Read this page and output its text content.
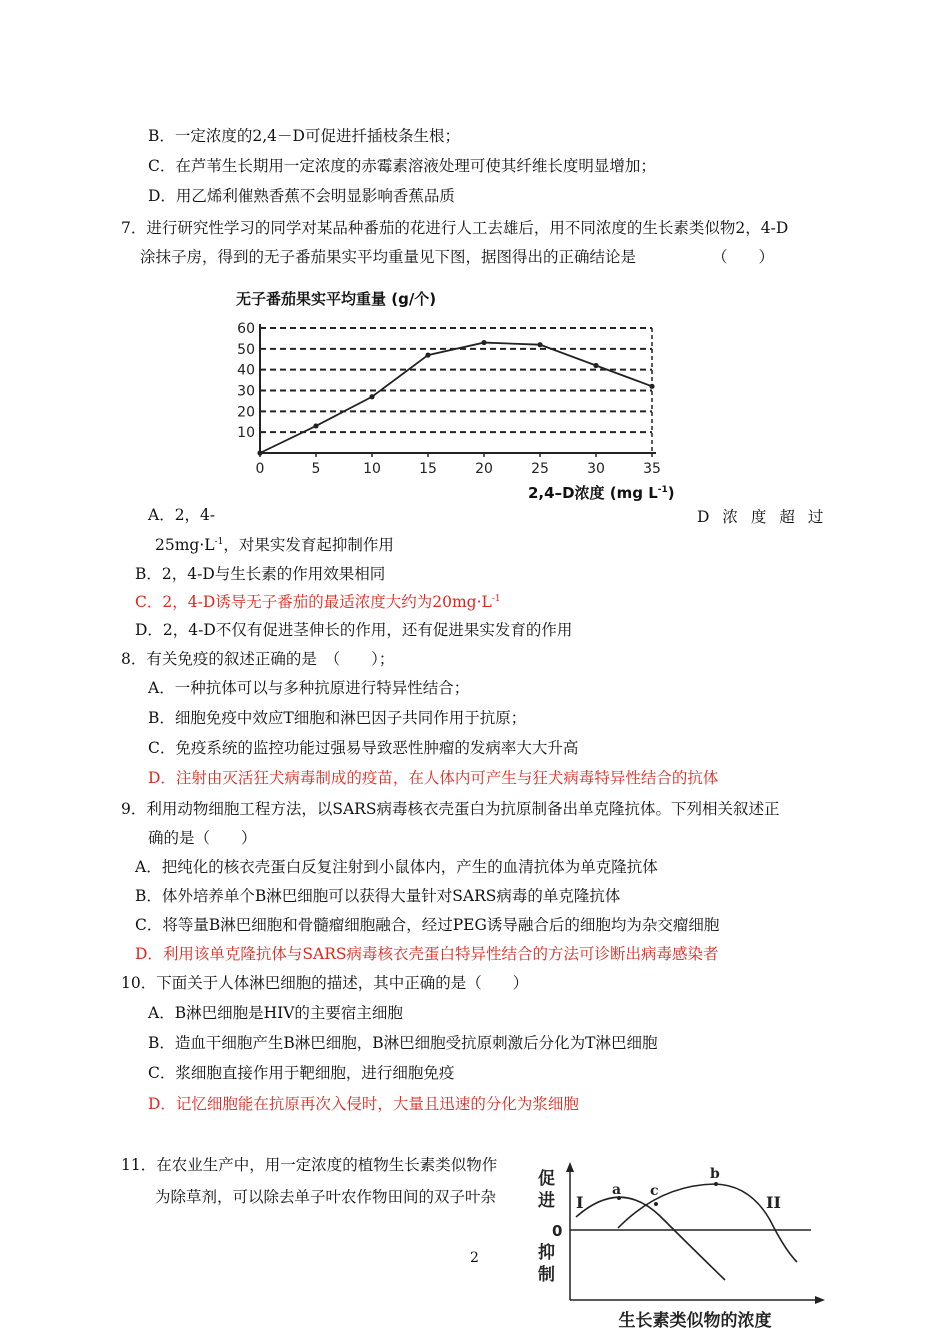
B．一定浓度的2,4－D可促进扦插枝条生根；
C．在芦苇生长期用一定浓度的赤霉素溶液处理可使其纤维长度明显增加；
D．用乙烯利催熟香蕉不会明显影响香蕉品质
7．进行研究性学习的同学对某品种番茄的花进行人工去雄后，用不同浓度的生长素类似物2，4-D
涂抹子房，得到的无子番茄果实平均重量见下图，据图得出的正确结论是	（　　）
无子番茄果实平均重量 (g/个)
10
20
30
40
50
60
0	5	10	15	20	25	30	35
2,4–D浓度 (mg $L^{-1}$)
A．2，4-	D浓度超过
$25mg\cdot L^{-1}$，对果实发育起抑制作用
B．2，4-D与生长素的作用效果相同
C．2，4-D诱导无子番茄的最适浓度大约为$20mg\cdot L^{-1}$
D．2，4-D不仅有促进茎伸长的作用，还有促进果实发育的作用
8．有关免疫的叙述正确的是　（　　）；
A．一种抗体可以与多种抗原进行特异性结合；
B．细胞免疫中效应T细胞和淋巴因子共同作用于抗原；
C．免疫系统的监控功能过强易导致恶性肿瘤的发病率大大升高
D．注射由灭活狂犬病毒制成的疫苗，在人体内可产生与狂犬病毒特异性结合的抗体
9．利用动物细胞工程方法，以SARS病毒核衣壳蛋白为抗原制备出单克隆抗体。下列相关叙述正
确的是（　　）
A．把纯化的核衣壳蛋白反复注射到小鼠体内，产生的血清抗体为单克隆抗体
B．体外培养单个B淋巴细胞可以获得大量针对SARS病毒的单克隆抗体
C．将等量B淋巴细胞和骨髓瘤细胞融合，经过PEG诱导融合后的细胞均为杂交瘤细胞
D．利用该单克隆抗体与SARS病毒核衣壳蛋白特异性结合的方法可诊断出病毒感染者
10．下面关于人体淋巴细胞的描述，其中正确的是（　　）
A．B淋巴细胞是HIV的主要宿主细胞
B．造血干细胞产生B淋巴细胞，B淋巴细胞受抗原刺激后分化为T淋巴细胞
C．浆细胞直接作用于靶细胞，进行细胞免疫
D．记忆细胞能在抗原再次入侵时，大量且迅速的分化为浆细胞
11．在农业生产中，用一定浓度的植物生长素类似物作
为除草剂，可以除去单子叶农作物田间的双子叶杂
促
进
0
抑
制
I	II
a
b
c
生长素类似物的浓度
2
